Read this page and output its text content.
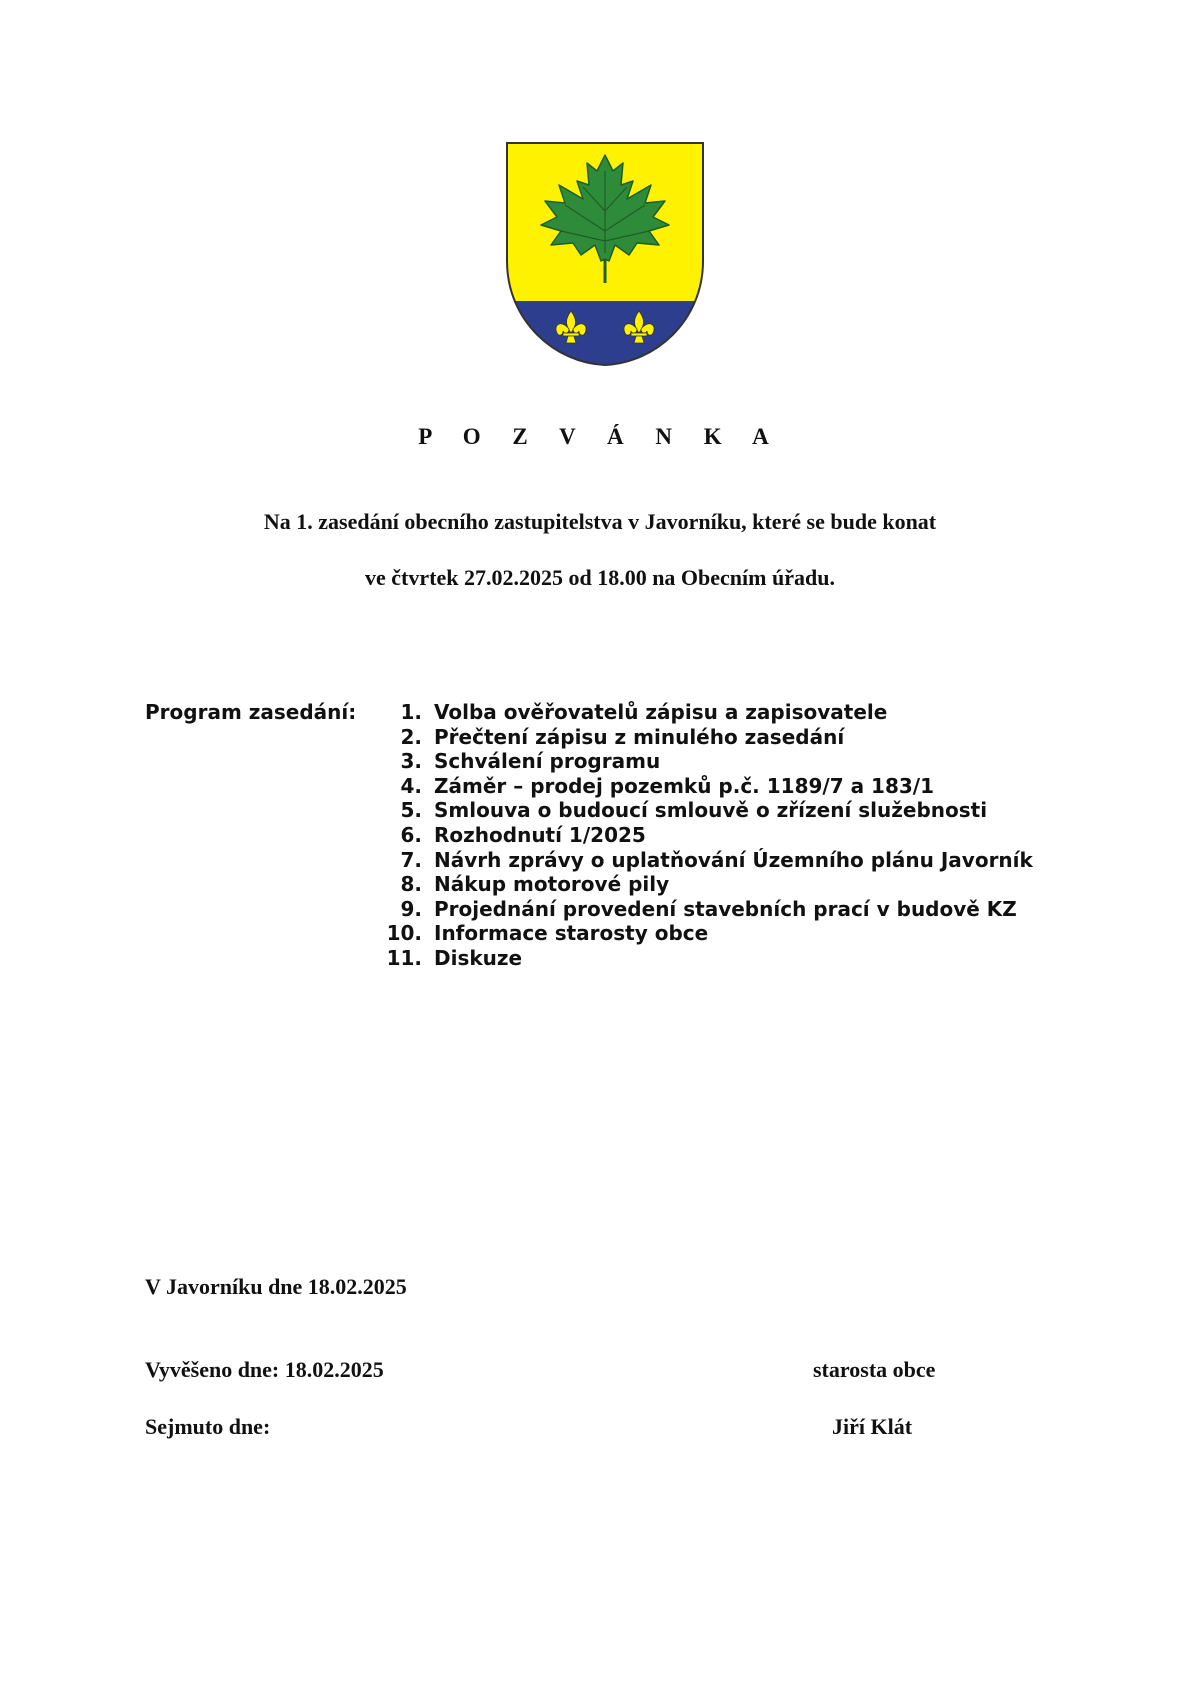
P O Z V Á N K A

Na 1. zasedání obecního zastupitelstva v Javorníku, které se bude konat

ve čtvrtek 27.02.2025 od 18.00 na Obecním úřadu.

Program zasedání:	1. Volba ověřovatelů zápisu a zapisovatele
2. Přečtení zápisu z minulého zasedání
3. Schválení programu
4. Záměr – prodej pozemků p.č. 1189/7 a 183/1
5. Smlouva o budoucí smlouvě o zřízení služebnosti
6. Rozhodnutí 1/2025
7. Návrh zprávy o uplatňování Územního plánu Javorník
8. Nákup motorové pily
9. Projednání provedení stavebních prací v budově KZ
10. Informace starosty obce
11. Diskuze

V Javorníku dne 18.02.2025

Vyvěšeno dne: 18.02.2025

Sejmuto dne:

starosta obce

Jiří Klát
